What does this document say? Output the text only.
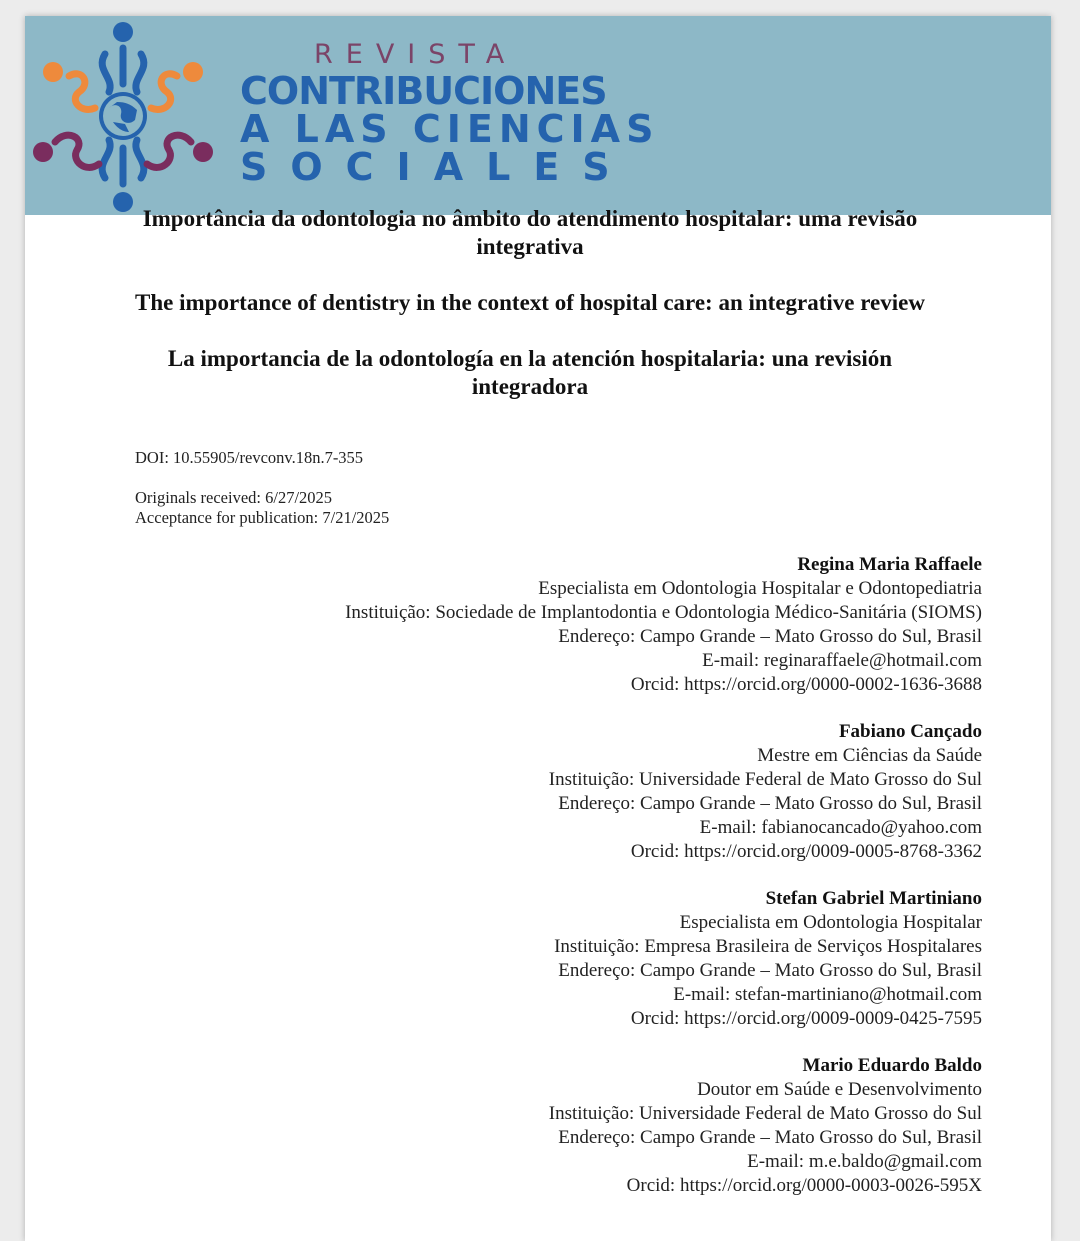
REVISTA
CONTRIBUCIONES
A LAS CIENCIAS
SOCIALES
Importância da odontologia no âmbito do atendimento hospitalar: uma revisão integrativa
The importance of dentistry in the context of hospital care: an integrative review
La importancia de la odontología en la atención hospitalaria: una revisión integradora
DOI: 10.55905/revconv.18n.7-355
Originals received: 6/27/2025
Acceptance for publication: 7/21/2025
Regina Maria Raffaele
Especialista em Odontologia Hospitalar e Odontopediatria
Instituição: Sociedade de Implantodontia e Odontologia Médico-Sanitária (SIOMS)
Endereço: Campo Grande – Mato Grosso do Sul, Brasil
E-mail: reginaraffaele@hotmail.com
Orcid: https://orcid.org/0000-0002-1636-3688
Fabiano Cançado
Mestre em Ciências da Saúde
Instituição: Universidade Federal de Mato Grosso do Sul
Endereço: Campo Grande – Mato Grosso do Sul, Brasil
E-mail: fabianocancado@yahoo.com
Orcid: https://orcid.org/0009-0005-8768-3362
Stefan Gabriel Martiniano
Especialista em Odontologia Hospitalar
Instituição: Empresa Brasileira de Serviços Hospitalares
Endereço: Campo Grande – Mato Grosso do Sul, Brasil
E-mail: stefan-martiniano@hotmail.com
Orcid: https://orcid.org/0009-0009-0425-7595
Mario Eduardo Baldo
Doutor em Saúde e Desenvolvimento
Instituição: Universidade Federal de Mato Grosso do Sul
Endereço: Campo Grande – Mato Grosso do Sul, Brasil
E-mail: m.e.baldo@gmail.com
Orcid: https://orcid.org/0000-0003-0026-595X
